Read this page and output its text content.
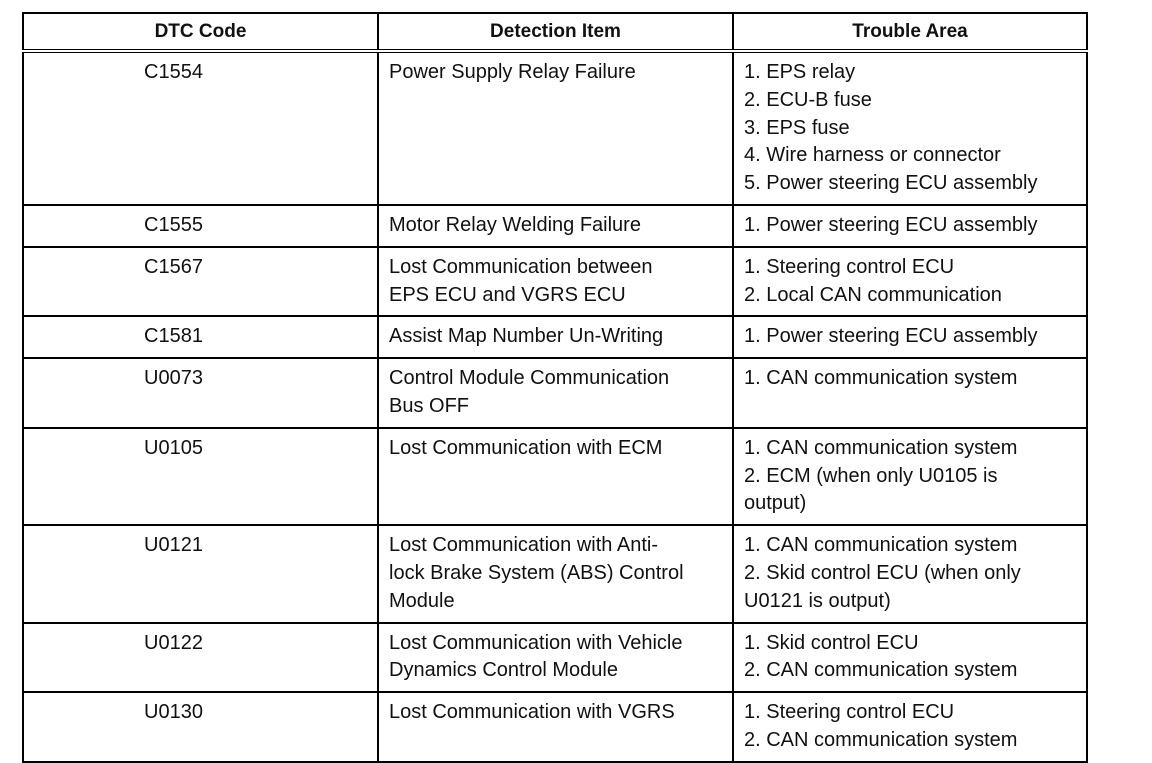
DTC Code	Detection Item	Trouble Area
C1554	Power Supply Relay Failure	1. EPS relay
2. ECU-B fuse
3. EPS fuse
4. Wire harness or connector
5. Power steering ECU assembly

C1555	Motor Relay Welding Failure	1. Power steering ECU assembly

C1567	Lost Communication between
EPS ECU and VGRS ECU	1. Steering control ECU
2. Local CAN communication

C1581	Assist Map Number Un-Writing	1. Power steering ECU assembly

U0073	Control Module Communication
Bus OFF	1. CAN communication system

U0105	Lost Communication with ECM	1. CAN communication system
2. ECM (when only U0105 is
output)

U0121	Lost Communication with Anti-
lock Brake System (ABS) Control
Module	1. CAN communication system
2. Skid control ECU (when only
U0121 is output)

U0122	Lost Communication with Vehicle
Dynamics Control Module	1. Skid control ECU
2. CAN communication system

U0130	Lost Communication with VGRS	1. Steering control ECU
2. CAN communication system
